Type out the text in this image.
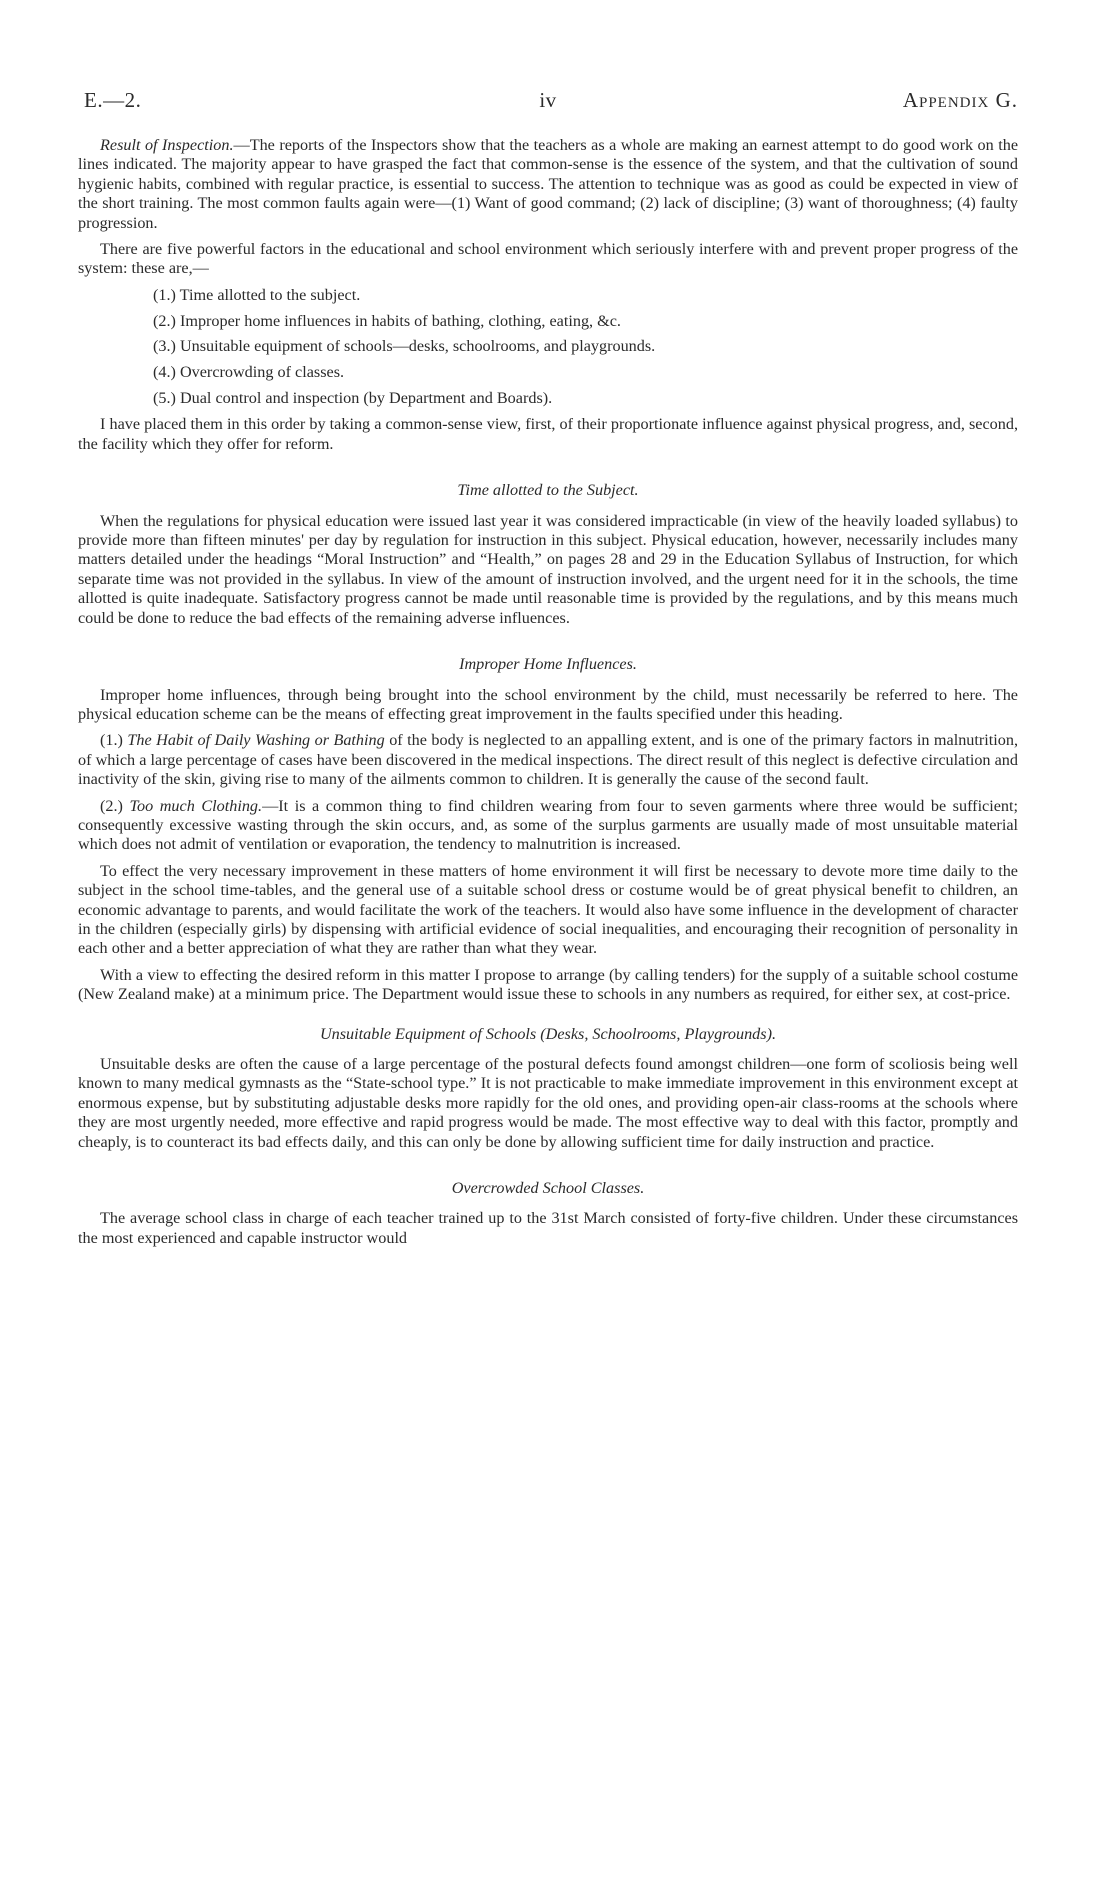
E.—2.	iv	Appendix G.

Result of Inspection.—The reports of the Inspectors show that the teachers as a whole are making an earnest attempt to do good work on the lines indicated. The majority appear to have grasped the fact that common-sense is the essence of the system, and that the cultivation of sound hygienic habits, combined with regular practice, is essential to success. The attention to technique was as good as could be expected in view of the short training. The most common faults again were—(1) Want of good command; (2) lack of discipline; (3) want of thoroughness; (4) faulty progression.

There are five powerful factors in the educational and school environment which seriously interfere with and prevent proper progress of the system: these are,—

(1.) Time allotted to the subject.
(2.) Improper home influences in habits of bathing, clothing, eating, &c.
(3.) Unsuitable equipment of schools—desks, schoolrooms, and playgrounds.
(4.) Overcrowding of classes.
(5.) Dual control and inspection (by Department and Boards).

I have placed them in this order by taking a common-sense view, first, of their proportionate influence against physical progress, and, second, the facility which they offer for reform.

Time allotted to the Subject.

When the regulations for physical education were issued last year it was considered impracticable (in view of the heavily loaded syllabus) to provide more than fifteen minutes' per day by regulation for instruction in this subject. Physical education, however, necessarily includes many matters detailed under the headings “Moral Instruction” and “Health,” on pages 28 and 29 in the Education Syllabus of Instruction, for which separate time was not provided in the syllabus. In view of the amount of instruction involved, and the urgent need for it in the schools, the time allotted is quite inadequate. Satisfactory progress cannot be made until reasonable time is provided by the regulations, and by this means much could be done to reduce the bad effects of the remaining adverse influences.

Improper Home Influences.

Improper home influences, through being brought into the school environment by the child, must necessarily be referred to here. The physical education scheme can be the means of effecting great improvement in the faults specified under this heading.

(1.) The Habit of Daily Washing or Bathing of the body is neglected to an appalling extent, and is one of the primary factors in malnutrition, of which a large percentage of cases have been discovered in the medical inspections. The direct result of this neglect is defective circulation and inactivity of the skin, giving rise to many of the ailments common to children. It is generally the cause of the second fault.

(2.) Too much Clothing.—It is a common thing to find children wearing from four to seven garments where three would be sufficient; consequently excessive wasting through the skin occurs, and, as some of the surplus garments are usually made of most unsuitable material which does not admit of ventilation or evaporation, the tendency to malnutrition is increased.

To effect the very necessary improvement in these matters of home environment it will first be necessary to devote more time daily to the subject in the school time-tables, and the general use of a suitable school dress or costume would be of great physical benefit to children, an economic advantage to parents, and would facilitate the work of the teachers. It would also have some influence in the development of character in the children (especially girls) by dispensing with artificial evidence of social inequalities, and encouraging their recognition of personality in each other and a better appreciation of what they are rather than what they wear.

With a view to effecting the desired reform in this matter I propose to arrange (by calling tenders) for the supply of a suitable school costume (New Zealand make) at a minimum price. The Department would issue these to schools in any numbers as required, for either sex, at cost-price.

Unsuitable Equipment of Schools (Desks, Schoolrooms, Playgrounds).

Unsuitable desks are often the cause of a large percentage of the postural defects found amongst children—one form of scoliosis being well known to many medical gymnasts as the “State-school type.” It is not practicable to make immediate improvement in this environment except at enormous expense, but by substituting adjustable desks more rapidly for the old ones, and providing open-air class-rooms at the schools where they are most urgently needed, more effective and rapid progress would be made. The most effective way to deal with this factor, promptly and cheaply, is to counteract its bad effects daily, and this can only be done by allowing sufficient time for daily instruction and practice.

Overcrowded School Classes.

The average school class in charge of each teacher trained up to the 31st March consisted of forty-five children. Under these circumstances the most experienced and capable instructor would
